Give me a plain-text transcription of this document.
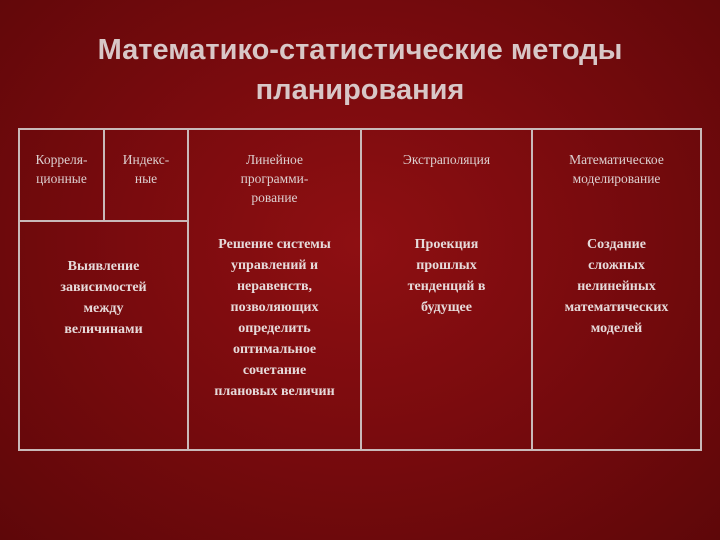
Математико-статистические методы
планирования
Корреля-
ционные
Индекс-
ные
Линейное
программи-
рование
Экстраполяция	Математическое
моделирование
Выявление
зависимостей
между
величинами
Решение системы
управлений и
неравенств,
позволяющих
определить
оптимальное
сочетание
плановых величин
Проекция
прошлых
тенденций в
будущее
Создание
сложных
нелинейных
математических
моделей
